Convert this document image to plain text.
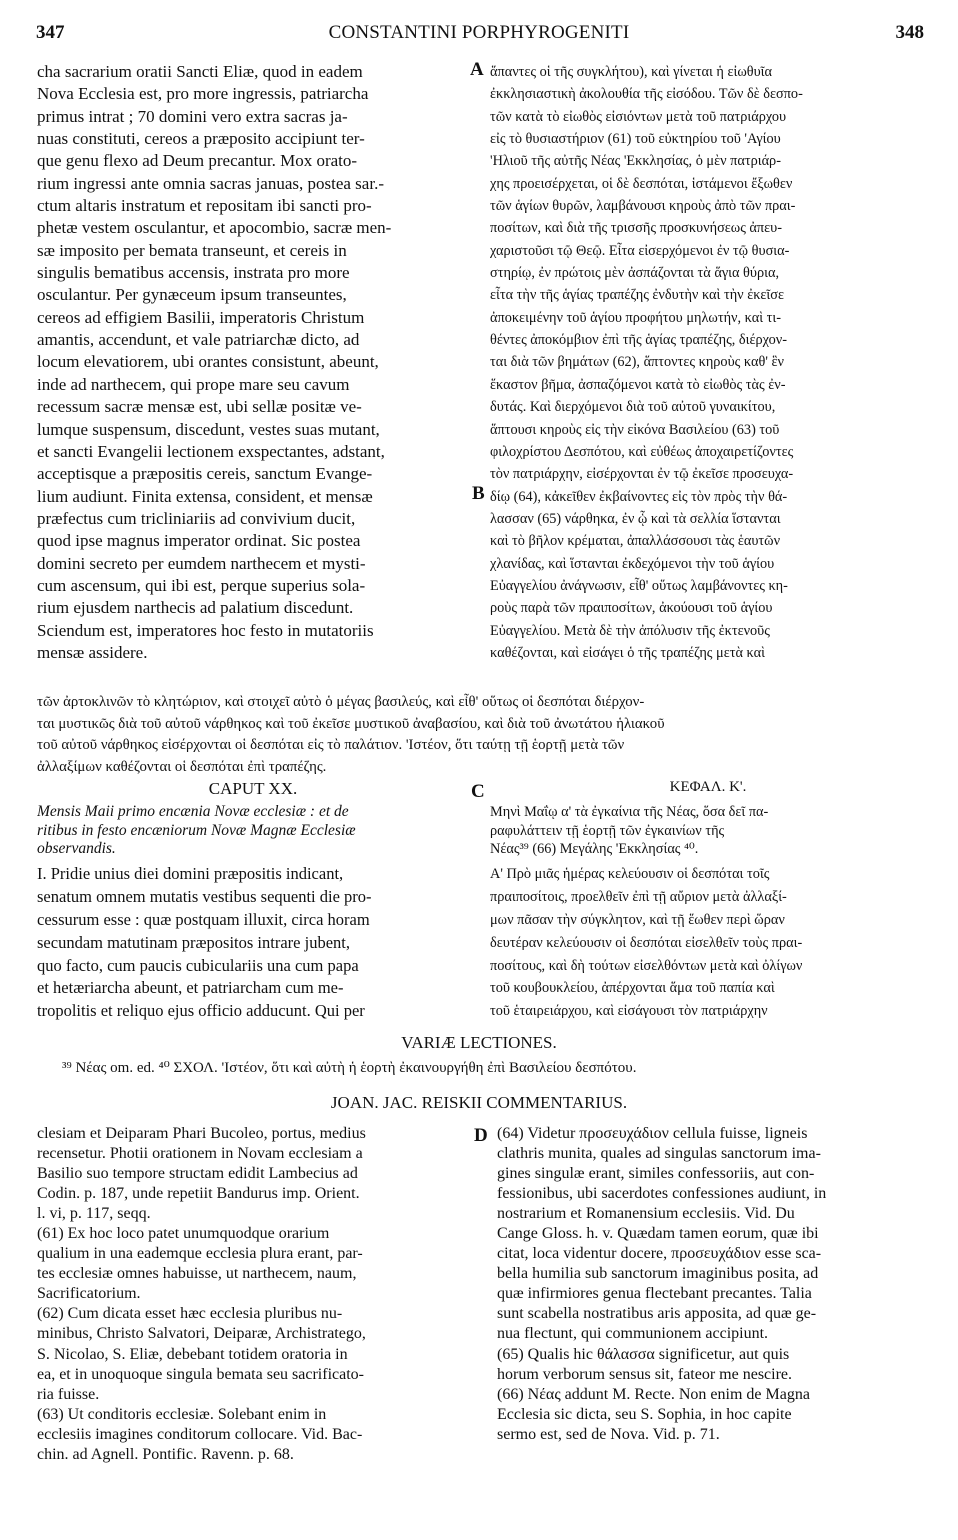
347	CONSTANTINI PORPHYROGENITI	348
A
B
C
D
cha sacrarium oratii Sancti Eliæ, quod in eadem
Nova Ecclesia est, pro more ingressis, patriarcha
primus intrat ; 70 domini vero extra sacras ja-
nuas constituti, cereos a præposito accipiunt ter-
que genu flexo ad Deum precantur. Mox orato-
rium ingressi ante omnia sacras januas, postea sar.-
ctum altaris instratum et repositam ibi sancti pro-
phetæ vestem osculantur, et apocombio, sacræ men-
sæ imposito per bemata transeunt, et cereis in
singulis bematibus accensis, instrata pro more
osculantur. Per gynæceum ipsum transeuntes,
cereos ad effigiem Basilii, imperatoris Christum
amantis, accendunt, et vale patriarchæ dicto, ad
locum elevatiorem, ubi orantes consistunt, abeunt,
inde ad narthecem, qui prope mare seu cavum
recessum sacræ mensæ est, ubi sellæ positæ ve-
lumque suspensum, discedunt, vestes suas mutant,
et sancti Evangelii lectionem exspectantes, adstant,
acceptisque a præpositis cereis, sanctum Evange-
lium audiunt. Finita extensa, consident, et mensæ
præfectus cum tricliniariis ad convivium ducit,
quod ipse magnus imperator ordinat. Sic postea
domini secreto per eumdem narthecem et mysti-
cum ascensum, qui ibi est, perque superius sola-
rium ejusdem narthecis ad palatium discedunt.
Sciendum est, imperatores hoc festo in mutatoriis
mensæ assidere.
ἅπαντες οἱ τῆς συγκλήτου), καὶ γίνεται ἡ εἰωθυῖα
ἐκκλησιαστικὴ ἀκολουθία τῆς εἰσόδου. Τῶν δὲ δεσπο-
τῶν κατὰ τὸ εἰωθὸς εἰσιόντων μετὰ τοῦ πατριάρχου
εἰς τὸ θυσιαστήριον (61) τοῦ εὐκτηρίου τοῦ 'Αγίου
'Ηλιοῦ τῆς αὐτῆς Νέας 'Εκκλησίας, ὁ μὲν πατριάρ-
χης προεισέρχεται, οἱ δὲ δεσπόται, ἱστάμενοι ἔξωθεν
τῶν ἁγίων θυρῶν, λαμβάνουσι κηροὺς ἀπὸ τῶν πραι-
ποσίτων, καὶ διὰ τῆς τρισσῆς προσκυνήσεως ἀπευ-
χαριστοῦσι τῷ Θεῷ. Εἶτα εἰσερχόμενοι ἐν τῷ θυσια-
στηρίῳ, ἐν πρώτοις μὲν ἀσπάζονται τὰ ἅγια θύρια,
εἶτα τὴν τῆς ἁγίας τραπέζης ἐνδυτὴν καὶ τὴν ἐκεῖσε
ἀποκειμένην τοῦ ἁγίου προφήτου μηλωτήν, καὶ τι-
θέντες ἀποκόμβιον ἐπὶ τῆς ἁγίας τραπέζης, διέρχον-
ται διὰ τῶν βημάτων (62), ἅπτοντες κηροὺς καθ' ἓν
ἕκαστον βῆμα, ἀσπαζόμενοι κατὰ τὸ εἰωθὸς τὰς ἐν-
δυτάς. Καὶ διερχόμενοι διὰ τοῦ αὐτοῦ γυναικίτου,
ἅπτουσι κηροὺς εἰς τὴν εἰκόνα Βασιλείου (63) τοῦ
φιλοχρίστου Δεσπότου, καὶ εὐθέως ἀποχαιρετίζοντες
τὸν πατριάρχην, εἰσέρχονται ἐν τῷ ἐκεῖσε προσευχα-
δίῳ (64), κἀκεῖθεν ἐκβαίνοντες εἰς τὸν πρὸς τὴν θά-
λασσαν (65) νάρθηκα, ἐν ᾧ καὶ τὰ σελλία ἵστανται
καὶ τὸ βῆλον κρέμαται, ἀπαλλάσσουσι τὰς ἑαυτῶν
χλανίδας, καὶ ἵστανται ἐκδεχόμενοι τὴν τοῦ ἁγίου
Εὐαγγελίου ἀνάγνωσιν, εἶθ' οὕτως λαμβάνοντες κη-
ροὺς παρὰ τῶν πραιποσίτων, ἀκούουσι τοῦ ἁγίου
Εὐαγγελίου. Μετὰ δὲ τὴν ἀπόλυσιν τῆς ἐκτενοῦς
καθέζονται, καὶ εἰσάγει ὁ τῆς τραπέζης μετὰ καὶ
τῶν ἀρτοκλινῶν τὸ κλητώριον, καὶ στοιχεῖ αὐτὸ ὁ μέγας βασιλεύς, καὶ εἶθ' οὕτως οἱ δεσπόται διέρχον-
ται μυστικῶς διὰ τοῦ αὐτοῦ νάρθηκος καὶ τοῦ ἐκεῖσε μυστικοῦ ἀναβασίου, καὶ διὰ τοῦ ἀνωτάτου ἡλιακοῦ
τοῦ αὐτοῦ νάρθηκος εἰσέρχονται οἱ δεσπόται εἰς τὸ παλάτιον. 'Ιστέον, ὅτι ταύτῃ τῇ ἑορτῇ μετὰ τῶν
ἀλλαξίμων καθέζονται οἱ δεσπόται ἐπὶ τραπέζης.
CAPUT XX.	ΚΕΦΑΛ. Κ'.
Mensis Maii primo encænia Novæ ecclesiæ : et de
ritibus in festo encæniorum Novæ Magnæ Ecclesiæ
observandis.
I. Pridie unius diei domini præpositis indicant,
senatum omnem mutatis vestibus sequenti die pro-
cessurum esse : quæ postquam illuxit, circa horam
secundam matutinam præpositos intrare jubent,
quo facto, cum paucis cubiculariis una cum papa
et hetæriarcha abeunt, et patriarcham cum me-
tropolitis et reliquo ejus officio adducunt. Qui per
Μηνὶ Μαΐῳ α' τὰ ἐγκαίνια τῆς Νέας, ὅσα δεῖ πα-
ραφυλάττειν τῇ ἑορτῇ τῶν ἐγκαινίων τῆς
Νέας³⁹ (66) Μεγάλης 'Εκκλησίας ⁴⁰.
Α' Πρὸ μιᾶς ἡμέρας κελεύουσιν οἱ δεσπόται τοῖς
πραιποσίτοις, προελθεῖν ἐπὶ τῇ αὔριον μετὰ ἀλλαξί-
μων πᾶσαν τὴν σύγκλητον, καὶ τῇ ἕωθεν περὶ ὥραν
δευτέραν κελεύουσιν οἱ δεσπόται εἰσελθεῖν τοὺς πραι-
ποσίτους, καὶ δὴ τούτων εἰσελθόντων μετὰ καὶ ὀλίγων
τοῦ κουβουκλείου, ἀπέρχονται ἅμα τοῦ παπία καὶ
τοῦ ἑταιρειάρχου, καὶ εἰσάγουσι τὸν πατριάρχην
VARIÆ LECTIONES.
³⁹ Νέας om. ed. ⁴⁰ ΣΧΟΛ. 'Ιστέον, ὅτι καὶ αὐτὴ ἡ ἑορτὴ ἐκαινουργήθη ἐπὶ Βασιλείου δεσπότου.
JOAN. JAC. REISKII COMMENTARIUS.
clesiam et Deiparam Phari Bucoleo, portus, medius
recensetur. Photii orationem in Novam ecclesiam a
Basilio suo tempore structam edidit Lambecius ad
Codin. p. 187, unde repetiit Bandurus imp. Orient.
l. vi, p. 117, seqq.
(61) Ex hoc loco patet unumquodque orarium
qualium in una eademque ecclesia plura erant, par-
tes ecclesiæ omnes habuisse, ut narthecem, naum,
Sacrificatorium.
(62) Cum dicata esset hæc ecclesia pluribus nu-
minibus, Christo Salvatori, Deiparæ, Archistratego,
S. Nicolao, S. Eliæ, debebant totidem oratoria in
ea, et in unoquoque singula bemata seu sacrificato-
ria fuisse.
(63) Ut conditoris ecclesiæ. Solebant enim in
ecclesiis imagines conditorum collocare. Vid. Bac-
chin. ad Agnell. Pontific. Ravenn. p. 68.
(64) Videtur προσευχάδιον cellula fuisse, ligneis
clathris munita, quales ad singulas sanctorum ima-
gines singulæ erant, similes confessoriis, aut con-
fessionibus, ubi sacerdotes confessiones audiunt, in
nostrarium et Romanensium ecclesiis. Vid. Du
Cange Gloss. h. v. Quædam tamen eorum, quæ ibi
citat, loca videntur docere, προσευχάδιον esse sca-
bella humilia sub sanctorum imaginibus posita, ad
quæ infirmiores genua flectebant precantes. Talia
sunt scabella nostratibus aris apposita, ad quæ ge-
nua flectunt, qui communionem accipiunt.
(65) Qualis hic θάλασσα significetur, aut quis
horum verborum sensus sit, fateor me nescire.
(66) Νέας addunt M. Recte. Non enim de Magna
Ecclesia sic dicta, seu S. Sophia, in hoc capite
sermo est, sed de Nova. Vid. p. 71.
